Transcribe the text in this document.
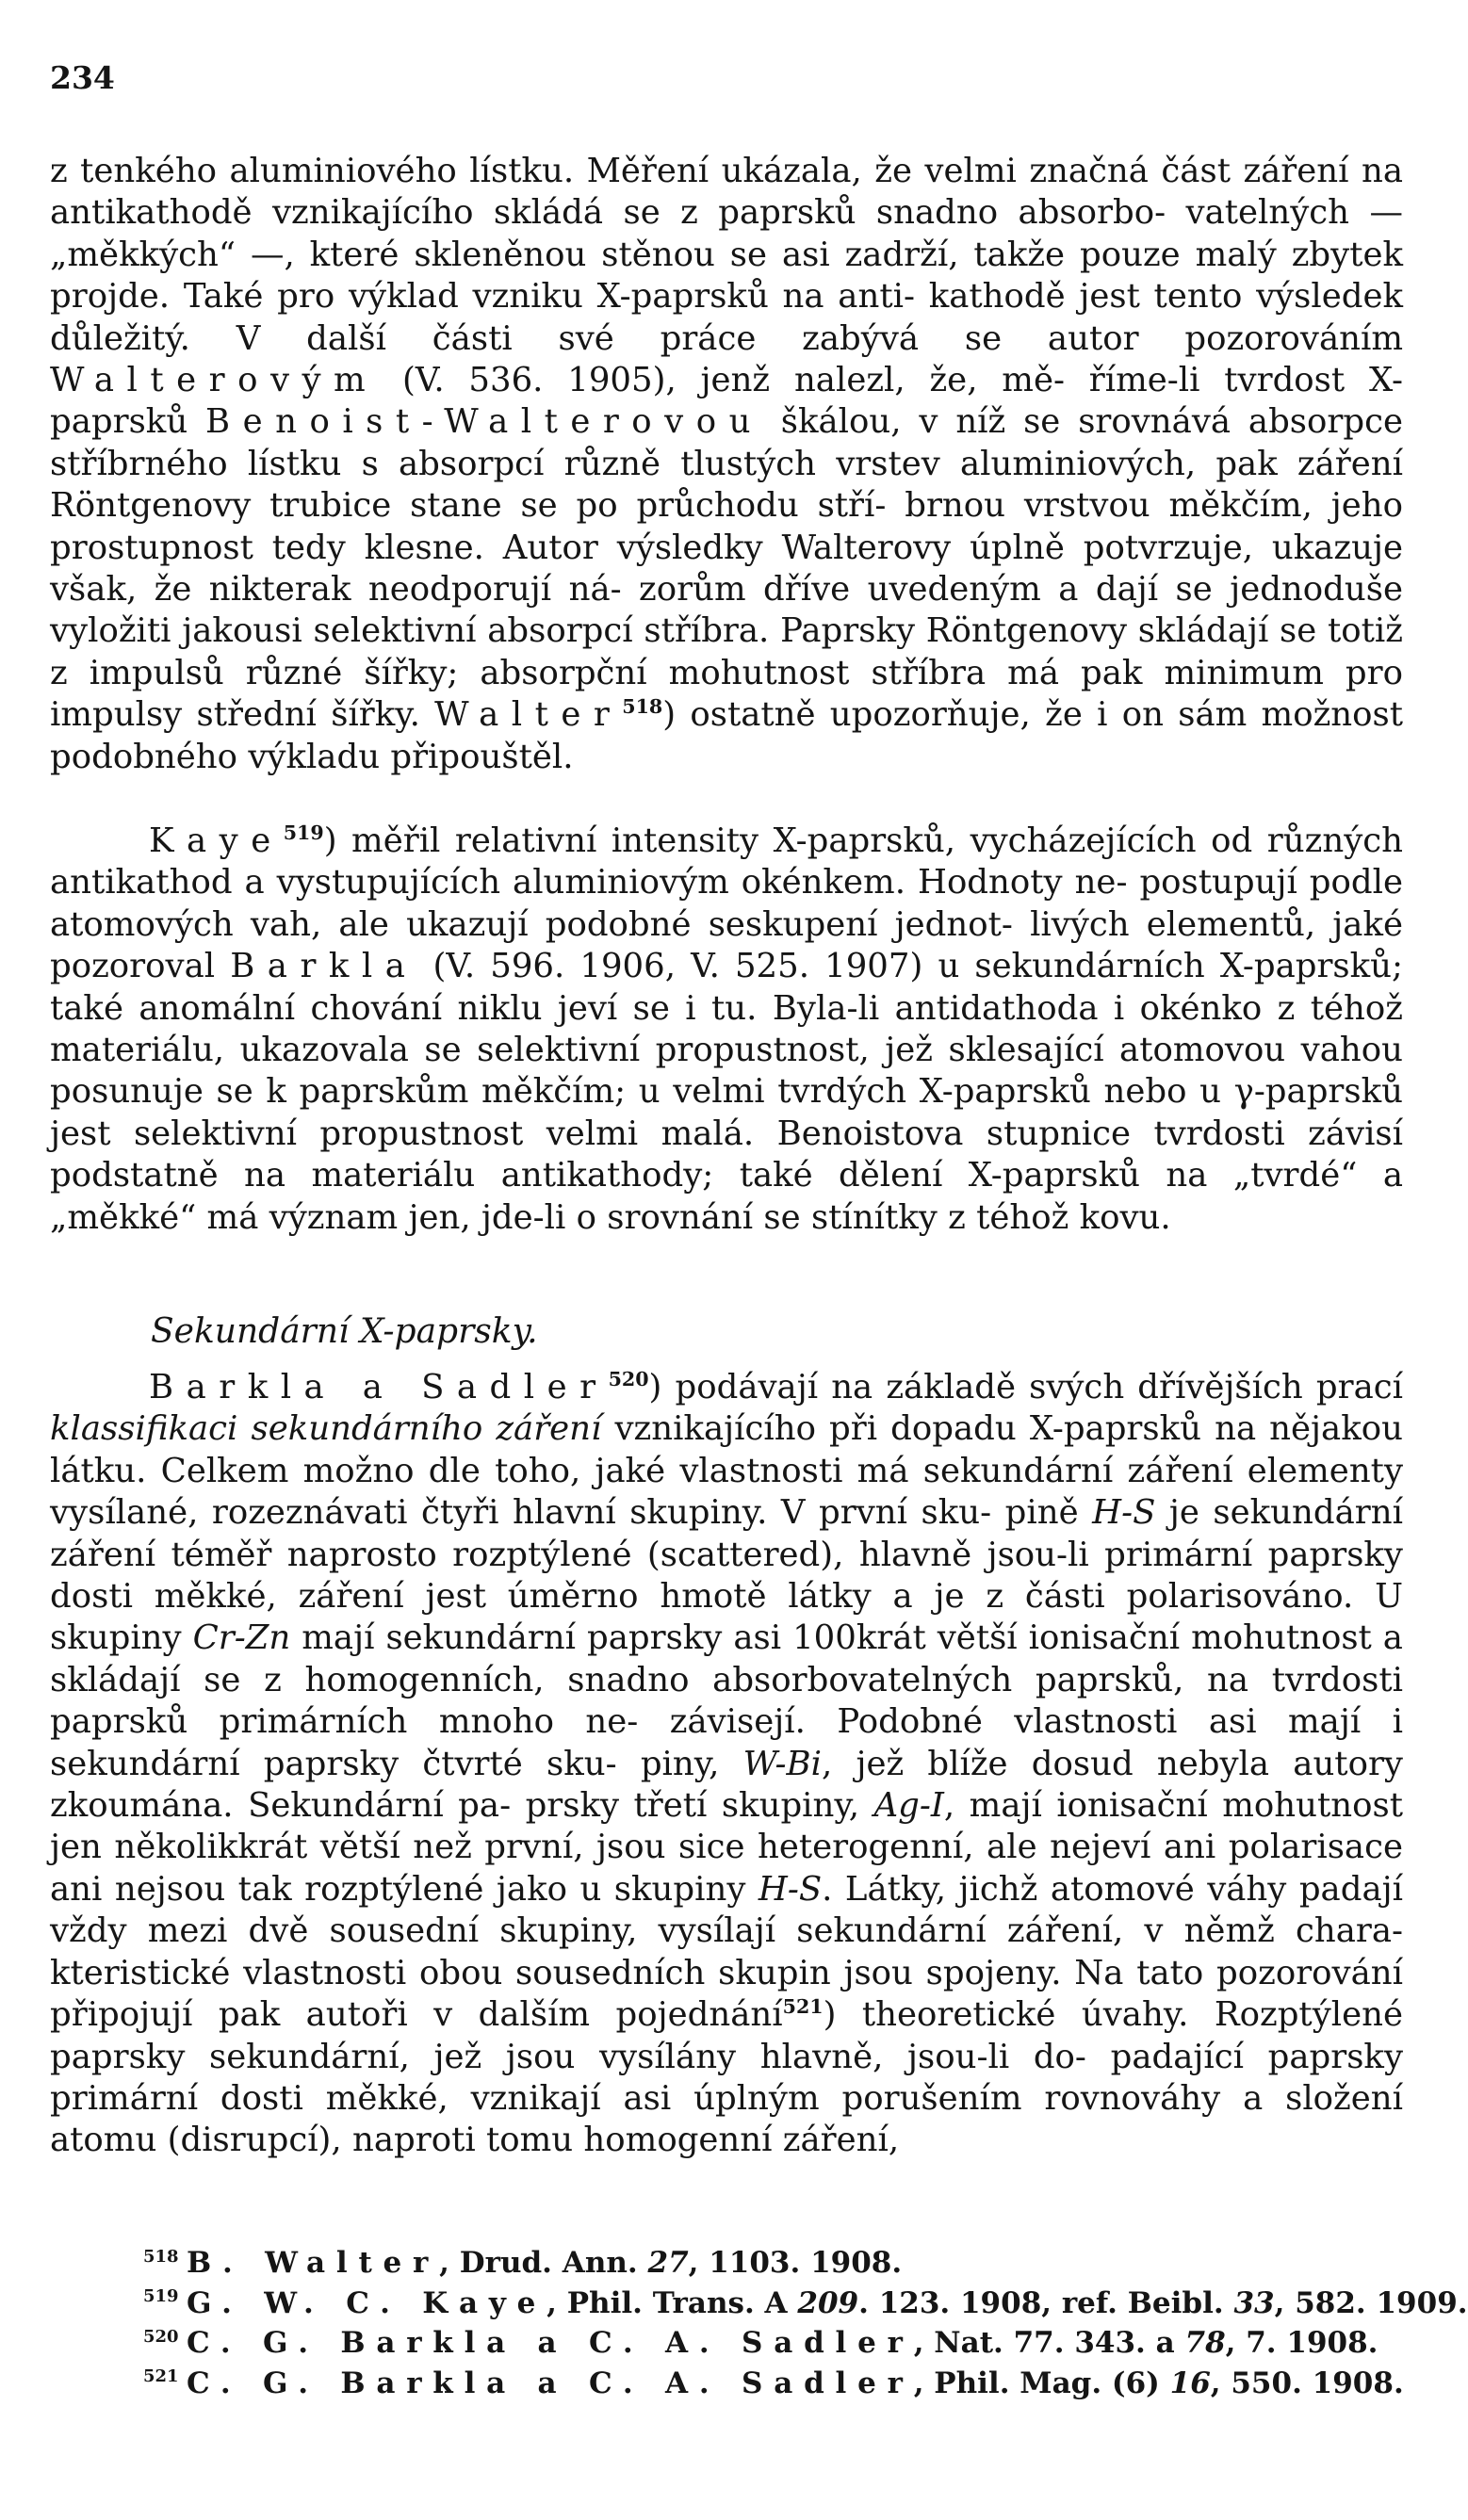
234

z tenkého aluminiového lístku. Měření ukázala, že velmi značná část záření na antikathodě vznikajícího skládá se z paprsků snadno absorbo- vatelných — „měkkých“ —, které skleněnou stěnou se asi zadrží, takže pouze malý zbytek projde. Také pro výklad vzniku X-paprsků na anti- kathodě jest tento výsledek důležitý. V další části své práce zabývá se autor pozorováním Walterovým (V. 536. 1905), jenž nalezl, že, mě- říme-li tvrdost X-paprsků Benoist-Walterovou škálou, v níž se srovnává absorpce stříbrného lístku s absorpcí různě tlustých vrstev aluminiových, pak záření Röntgenovy trubice stane se po průchodu stří- brnou vrstvou měkčím, jeho prostupnost tedy klesne. Autor výsledky Walterovy úplně potvrzuje, ukazuje však, že nikterak neodporují ná- zorům dříve uvedeným a dají se jednoduše vyložiti jakousi selektivní absorpcí stříbra. Paprsky Röntgenovy skládají se totiž z impulsů různé šířky; absorpční mohutnost stříbra má pak minimum pro impulsy střední šířky. Walter$^{518}$) ostatně upozorňuje, že i on sám možnost podobného výkladu připouštěl.

Kaye$^{519}$) měřil relativní intensity X-paprsků, vycházejících od různých antikathod a vystupujících aluminiovým okénkem. Hodnoty ne- postupují podle atomových vah, ale ukazují podobné seskupení jednot- livých elementů, jaké pozoroval Barkla (V. 596. 1906, V. 525. 1907) u sekundárních X-paprsků; také anomální chování niklu jeví se i tu. Byla-li antidathoda i okénko z téhož materiálu, ukazovala se selektivní propustnost, jež sklesající atomovou vahou posunuje se k paprskům měkčím; u velmi tvrdých X-paprsků nebo u γ-paprsků jest selektivní propustnost velmi malá. Benoistova stupnice tvrdosti závisí podstatně na materiálu antikathody; také dělení X-paprsků na „tvrdé“ a „měkké“ má význam jen, jde-li o srovnání se stínítky z téhož kovu.

Sekundární X-paprsky.

Barkla a Sadler$^{520}$) podávají na základě svých dřívějších prací klassifikaci sekundárního záření vznikajícího při dopadu X-paprsků na nějakou látku. Celkem možno dle toho, jaké vlastnosti má sekundární záření elementy vysílané, rozeznávati čtyři hlavní skupiny. V první sku- pině H-S je sekundární záření téměř naprosto rozptýlené (scattered), hlavně jsou-li primární paprsky dosti měkké, záření jest úměrno hmotě látky a je z části polarisováno. U skupiny Cr-Zn mají sekundární paprsky asi 100krát větší ionisační mohutnost a skládají se z homogenních, snadno absorbovatelných paprsků, na tvrdosti paprsků primárních mnoho ne- závisejí. Podobné vlastnosti asi mají i sekundární paprsky čtvrté sku- piny, W-Bi, jež blíže dosud nebyla autory zkoumána. Sekundární pa- prsky třetí skupiny, Ag-I, mají ionisační mohutnost jen několikkrát větší než první, jsou sice heterogenní, ale nejeví ani polarisace ani nejsou tak rozptýlené jako u skupiny H-S. Látky, jichž atomové váhy padají vždy mezi dvě sousední skupiny, vysílají sekundární záření, v němž chara- kteristické vlastnosti obou sousedních skupin jsou spojeny. Na tato pozorování připojují pak autoři v dalším pojednání$^{521}$) theoretické úvahy. Rozptýlené paprsky sekundární, jež jsou vysílány hlavně, jsou-li do- padající paprsky primární dosti měkké, vznikají asi úplným porušením rovnováhy a složení atomu (disrupcí), naproti tomu homogenní záření,

$^{518}$ B. Walter, Drud. Ann. 27, 1103. 1908.
$^{519}$ G. W. C. Kaye, Phil. Trans. A 209. 123. 1908, ref. Beibl. 33, 582. 1909.
$^{520}$ C. G. Barkla a C. A. Sadler, Nat. 77. 343. a 78, 7. 1908.
$^{521}$ C. G. Barkla a C. A. Sadler, Phil. Mag. (6) 16, 550. 1908.
